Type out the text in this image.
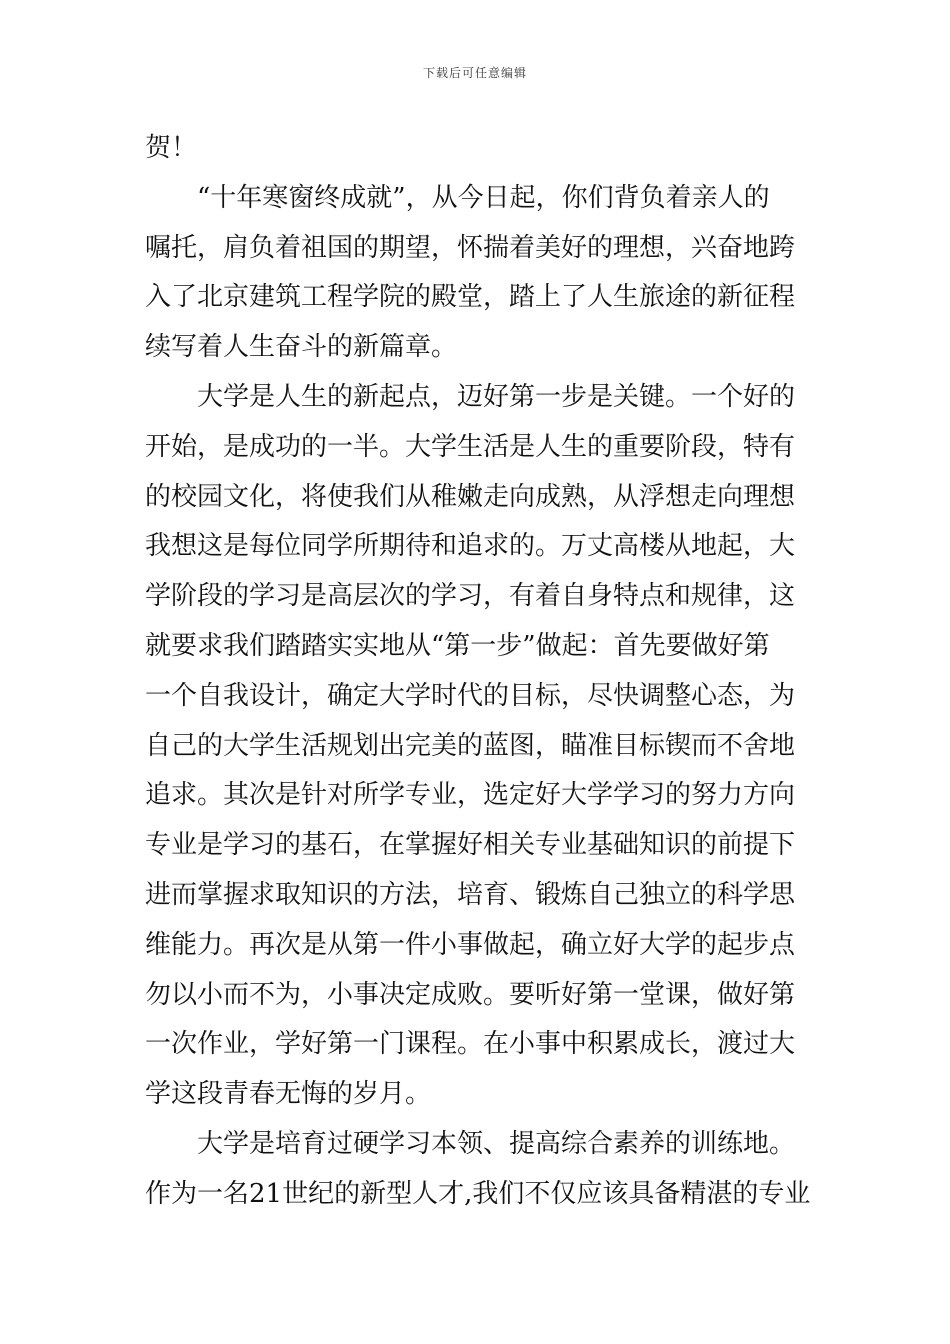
下载后可任意编辑
贺！
“十年寒窗终成就”，从今日起，你们背负着亲人的
嘱托，肩负着祖国的期望，怀揣着美好的理想，兴奋地跨
入了北京建筑工程学院的殿堂，踏上了人生旅途的新征程
续写着人生奋斗的新篇章。
大学是人生的新起点，迈好第一步是关键。一个好的
开始，是成功的一半。大学生活是人生的重要阶段，特有
的校园文化，将使我们从稚嫩走向成熟，从浮想走向理想
我想这是每位同学所期待和追求的。万丈高楼从地起，大
学阶段的学习是高层次的学习，有着自身特点和规律，这
就要求我们踏踏实实地从“第一步”做起：首先要做好第
一个自我设计，确定大学时代的目标，尽快调整心态，为
自己的大学生活规划出完美的蓝图，瞄准目标锲而不舍地
追求。其次是针对所学专业，选定好大学学习的努力方向
专业是学习的基石，在掌握好相关专业基础知识的前提下
进而掌握求取知识的方法，培育、锻炼自己独立的科学思
维能力。再次是从第一件小事做起，确立好大学的起步点
勿以小而不为，小事决定成败。要听好第一堂课，做好第
一次作业，学好第一门课程。在小事中积累成长，渡过大
学这段青春无悔的岁月。
大学是培育过硬学习本领、提高综合素养的训练地。
作为一名21世纪的新型人才,我们不仅应该具备精湛的专业
